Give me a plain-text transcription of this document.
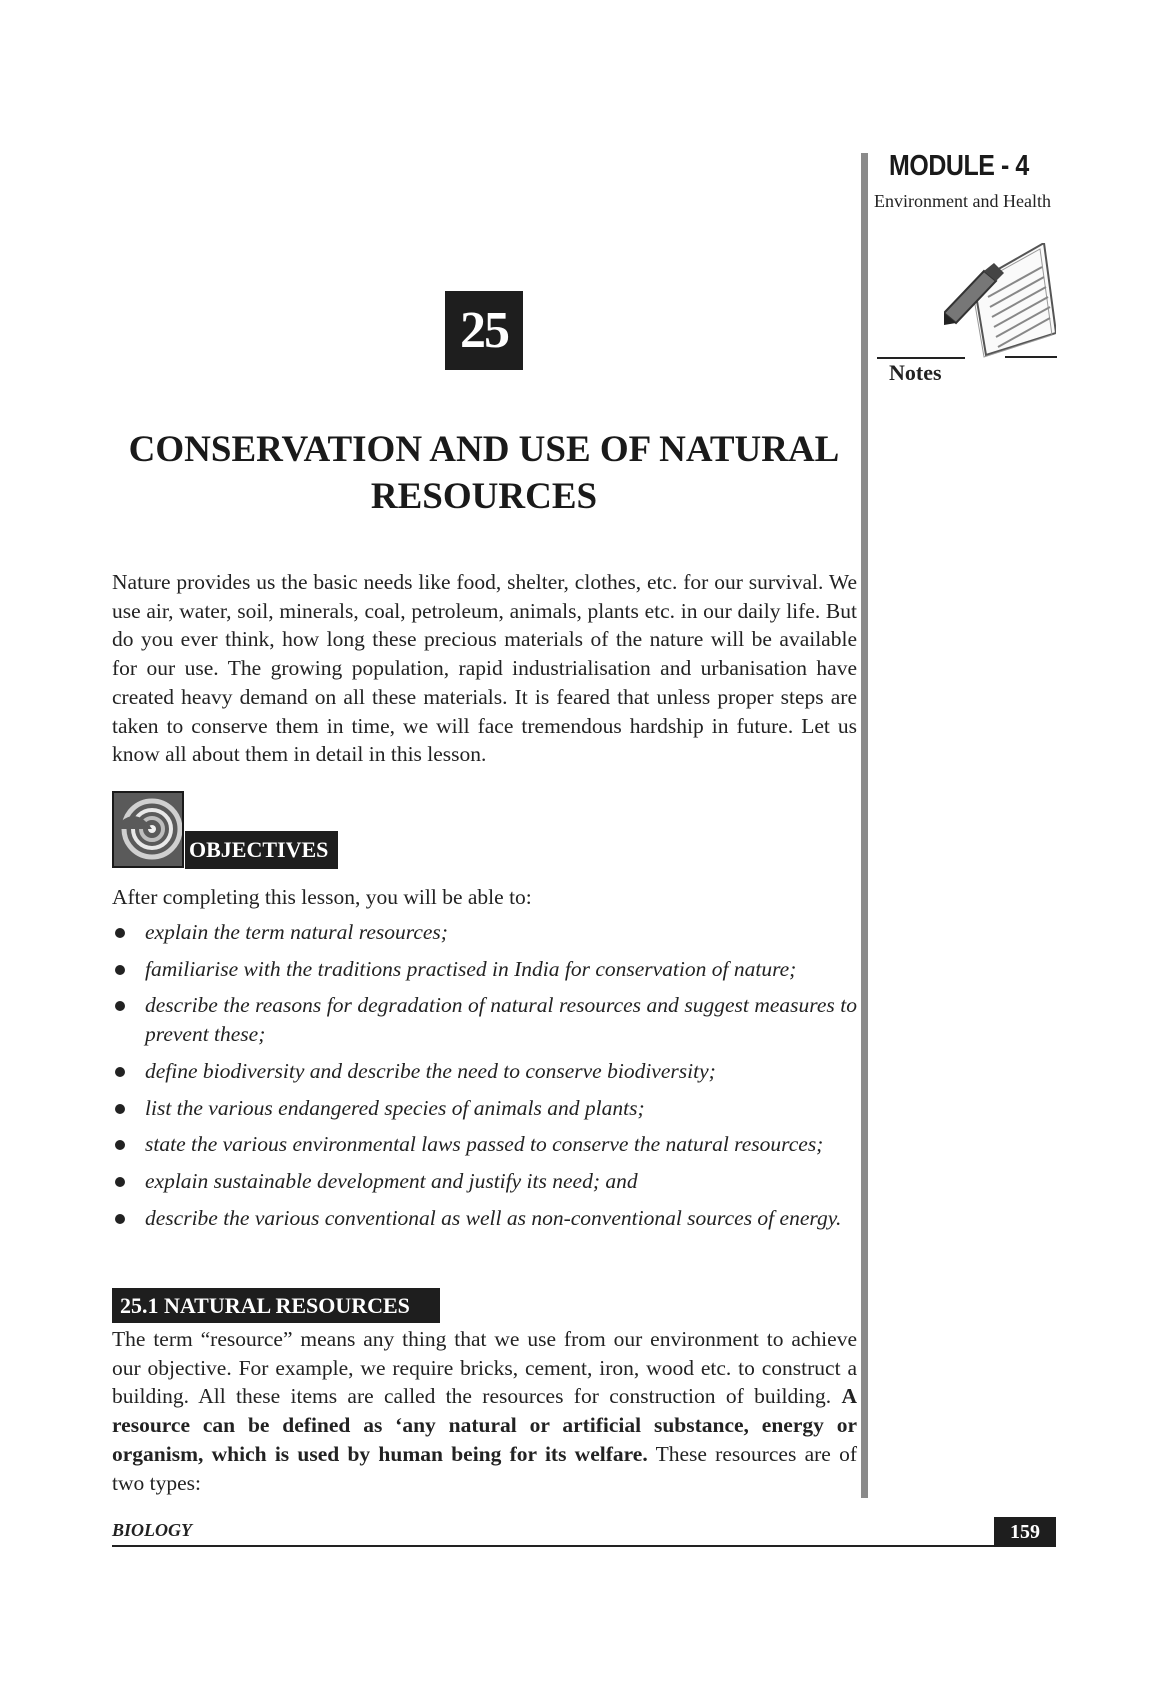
MODULE - 4
Environment and Health
Notes
25
CONSERVATION AND USE OF NATURAL RESOURCES
Nature provides us the basic needs like food, shelter, clothes, etc. for our survival. We use air, water, soil, minerals, coal, petroleum, animals, plants etc. in our daily life. But do you ever think, how long these precious materials of the nature will be available for our use. The growing population, rapid industrialisation and urbanisation have created heavy demand on all these materials. It is feared that unless proper steps are taken to conserve them in time, we will face tremendous hardship in future. Let us know all about them in detail in this lesson.
OBJECTIVES
After completing this lesson, you will be able to:
explain the term natural resources;
familiarise with the traditions practised in India for conservation of nature;
describe the reasons for degradation of natural resources and suggest measures to prevent these;
define biodiversity and describe the need to conserve biodiversity;
list the various endangered species of animals and plants;
state the various environmental laws passed to conserve the natural resources;
explain sustainable development and justify its need; and
describe the various conventional as well as non-conventional sources of energy.
25.1 NATURAL RESOURCES
The term “resource” means any thing that we use from our environment to achieve our objective. For example, we require bricks, cement, iron, wood etc. to construct a building. All these items are called the resources for construction of building. A resource can be defined as ‘any natural or artificial substance, energy or organism, which is used by human being for its welfare. These resources are of two types:
BIOLOGY	159
